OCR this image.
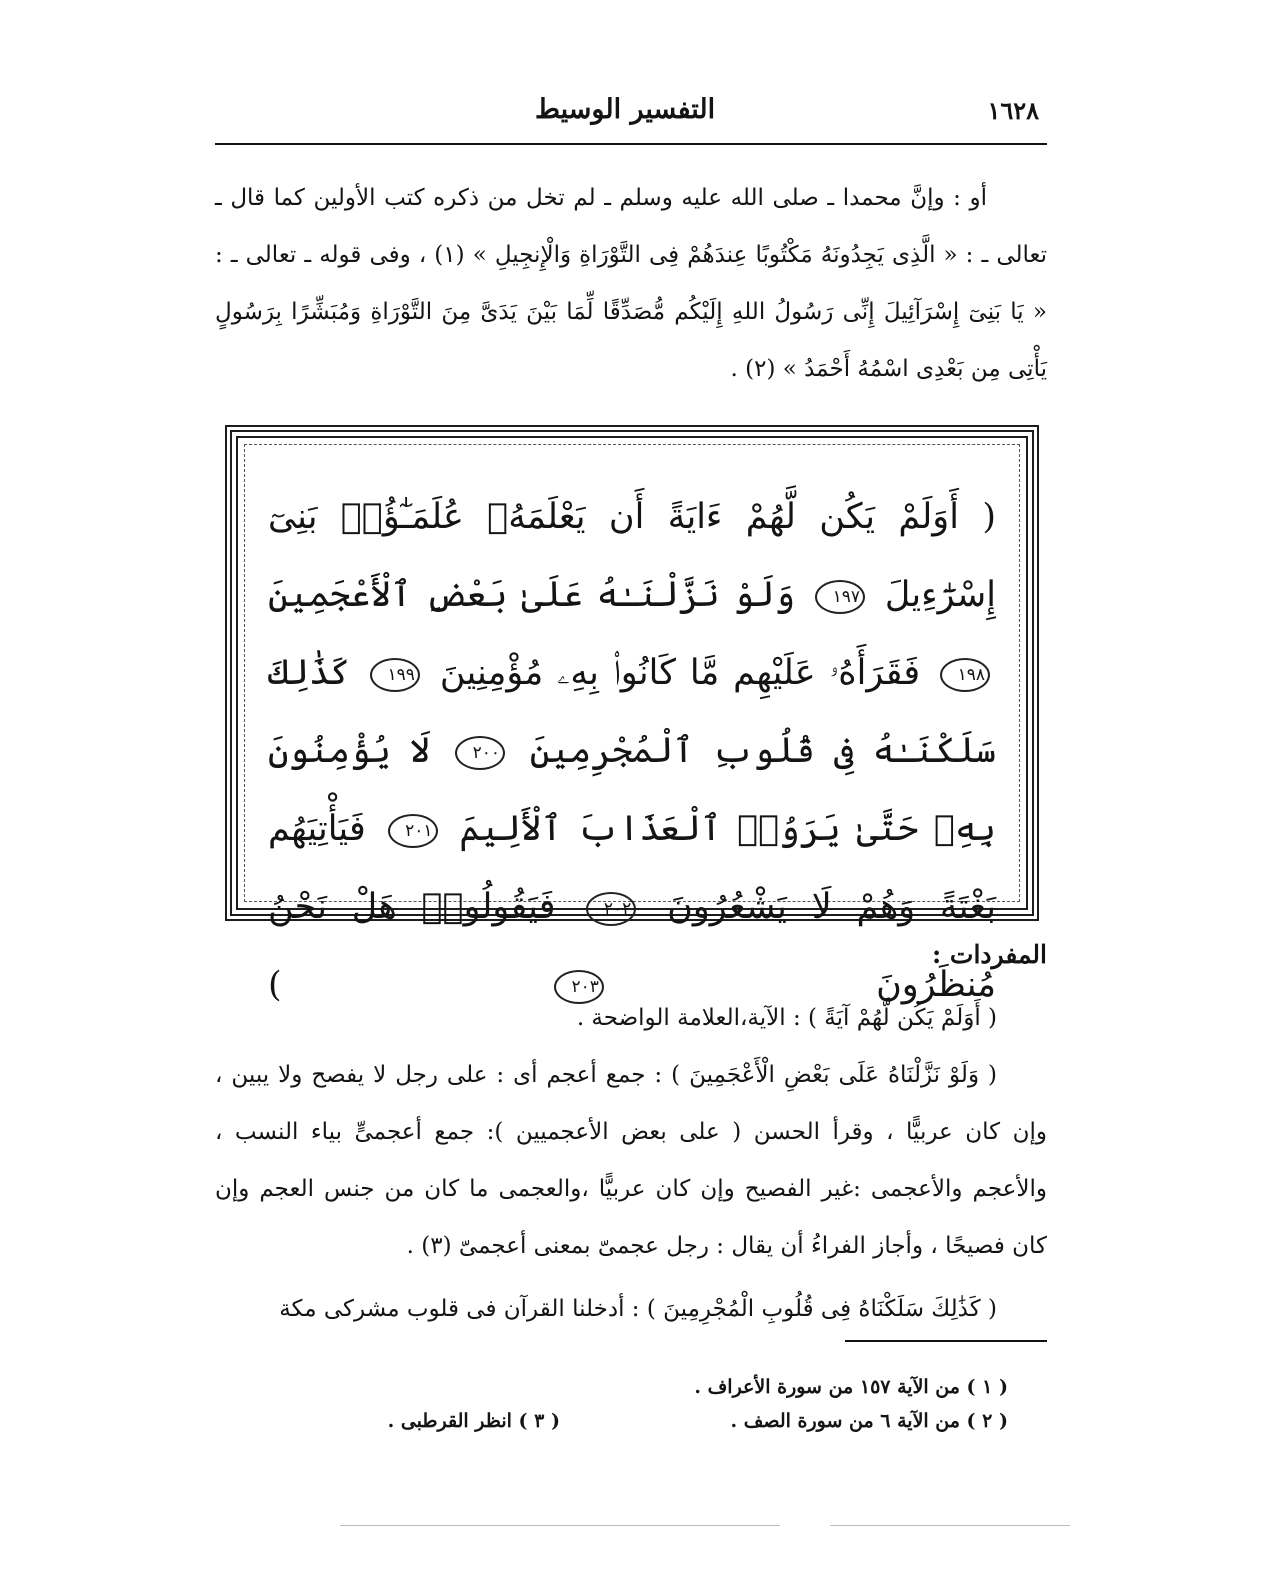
١٦٢٨
التفسير الوسيط

أو : وإنَّ محمدا ـ صلى الله عليه وسلم ـ لم تخل من ذكره كتب الأولين كما قال ـ تعالى ـ : « الَّذِى يَجِدُونَهُ مَكْتُوبًا عِندَهُمْ فِى التَّوْرَاةِ وَالْإِنجِيلِ » (١) ، وفى قوله ـ تعالى ـ : « يَا بَنِىٓ إِسْرَآئِيلَ إِنِّى رَسُولُ اللهِ إِلَيْكُم مُّصَدِّقًا لِّمَا بَيْنَ يَدَىَّ مِنَ التَّوْرَاةِ وَمُبَشِّرًا بِرَسُولٍ يَأْتِى مِن بَعْدِى اسْمُهُ أَحْمَدُ » (٢) .

( أَوَلَمْ يَكُن لَّهُمْ ءَايَةً أَن يَعْلَمَهُۥ عُلَمَـٰٓؤُا۟ بَنِىٓ إِسْرَٰٓءِيلَ ١٩٧ وَلَوْ نَزَّلْنَـٰهُ عَلَىٰ بَعْضِ ٱلْأَعْجَمِينَ ١٩٨ فَقَرَأَهُۥ عَلَيْهِم مَّا كَانُوا۟ بِهِۦ مُؤْمِنِينَ ١٩٩ كَذَٰلِكَ سَلَكْنَـٰهُ فِى قُلُوبِ ٱلْمُجْرِمِينَ ٢٠٠ لَا يُؤْمِنُونَ بِهِۦ حَتَّىٰ يَرَوُا۟ ٱلْعَذَابَ ٱلْأَلِيمَ ٢٠١ فَيَأْتِيَهُم بَغْتَةً وَهُمْ لَا يَشْعُرُونَ ٢٠٢ فَيَقُولُوا۟ هَلْ نَحْنُ مُنظَرُونَ ٢٠٣ )
المفردات :

( أَوَلَمْ يَكُن لَّهُمْ آيَةً ) : الآية،العلامة الواضحة .

( وَلَوْ نَزَّلْنَاهُ عَلَى بَعْضِ الْأَعْجَمِينَ ) : جمع أعجم أى : على رجل لا يفصح ولا يبين ، وإن كان عربيًّا ، وقرأ الحسن ( على بعض الأعجميين ): جمع أعجمىٍّ بياء النسب ، والأعجم والأعجمى :غير الفصيح وإن كان عربيًّا ،والعجمى ما كان من جنس العجم وإن كان فصيحًا ، وأجاز الفراءُ أن يقال : رجل عجمىّ بمعنى أعجمىّ (٣) .

( كَذَٰلِكَ سَلَكْنَاهُ فِى قُلُوبِ الْمُجْرِمِينَ ) : أدخلنا القرآن فى قلوب مشركى مكة

( ١ ) من الآية ١٥٧ من سورة الأعراف .
( ٢ ) من الآية ٦ من سورة الصف .
( ٣ ) انظر القرطبى .
